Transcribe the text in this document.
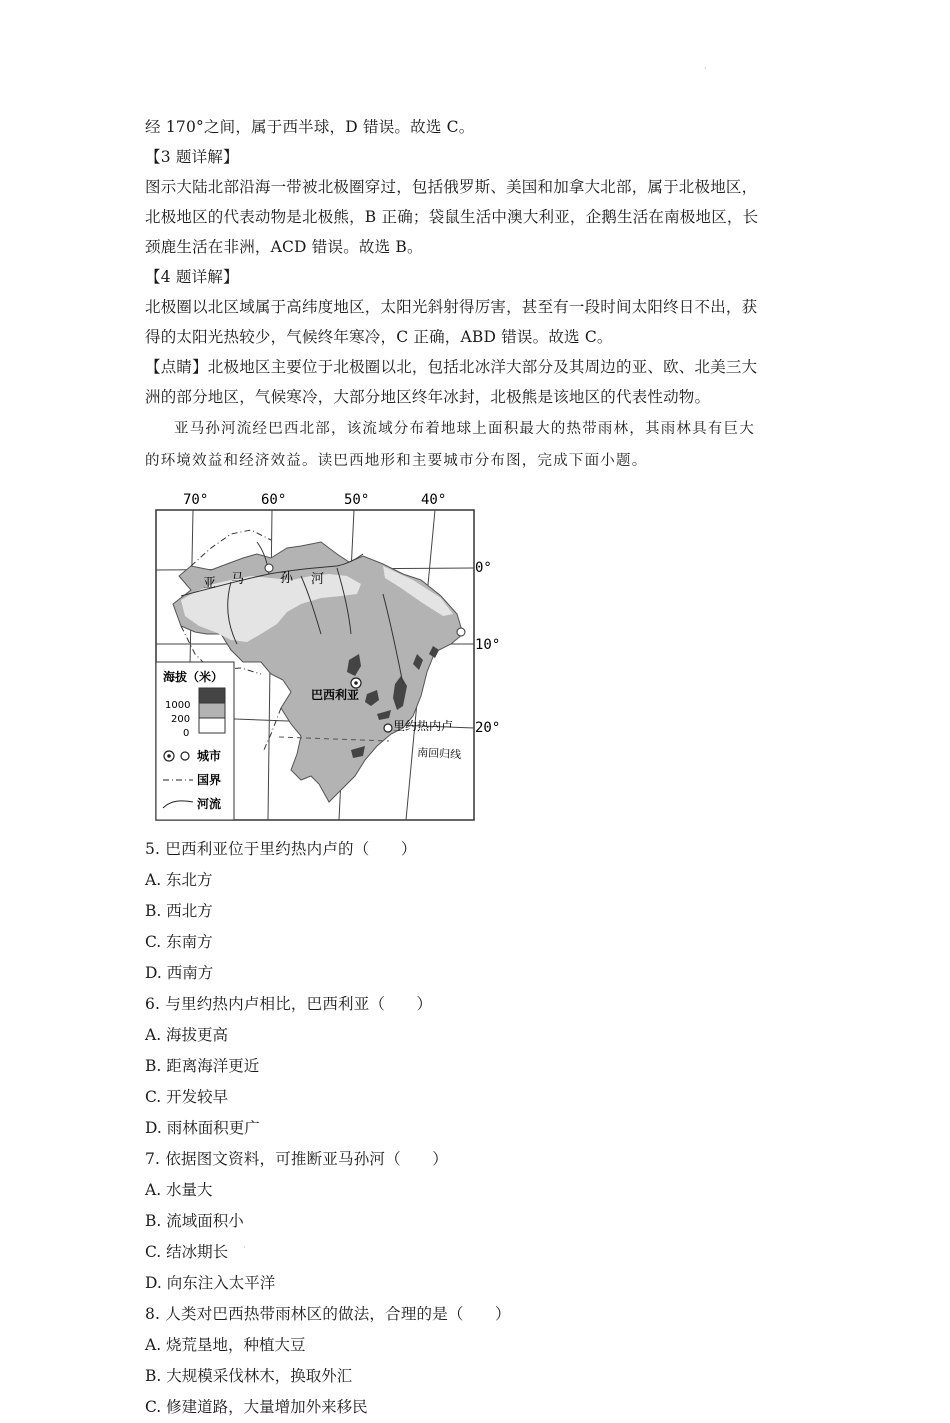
·
·

经 170°之间，属于西半球，D 错误。故选 C。

【3 题详解】

图示大陆北部沿海一带被北极圈穿过，包括俄罗斯、美国和加拿大北部，属于北极地区，

北极地区的代表动物是北极熊，B 正确；袋鼠生活中澳大利亚，企鹅生活在南极地区，长

颈鹿生活在非洲，ACD 错误。故选 B。

【4 题详解】

北极圈以北区域属于高纬度地区，太阳光斜射得厉害，甚至有一段时间太阳终日不出，获

得的太阳光热较少，气候终年寒冷，C 正确，ABD 错误。故选 C。

【点睛】北极地区主要位于北极圈以北，包括北冰洋大部分及其周边的亚、欧、北美三大

洲的部分地区，气候寒冷，大部分地区终年冰封，北极熊是该地区的代表性动物。

亚马孙河流经巴西北部，该流域分布着地球上面积最大的热带雨林，其雨林具有巨大

的环境效益和经济效益。读巴西地形和主要城市分布图，完成下面小题。

70°	60°	50°	40°
0°
10°
20°
亚 马	孙 河
巴西利亚
里约热内卢
南回归线
海拔（米）
1000
200
0
城市
国界
河流

5. 巴西利亚位于里约热内卢的（　　）

A. 东北方
B. 西北方
C. 东南方
D. 西南方

6. 与里约热内卢相比，巴西利亚（　　）

A. 海拔更高
B. 距离海洋更近
C. 开发较早
D. 雨林面积更广

7. 依据图文资料，可推断亚马孙河（　　）

A. 水量大
B. 流域面积小
C. 结冰期长
D. 向东注入太平洋

8. 人类对巴西热带雨林区的做法，合理的是（　　）

A. 烧荒垦地，种植大豆
B. 大规模采伐林木，换取外汇
C. 修建道路，大量增加外来移民
